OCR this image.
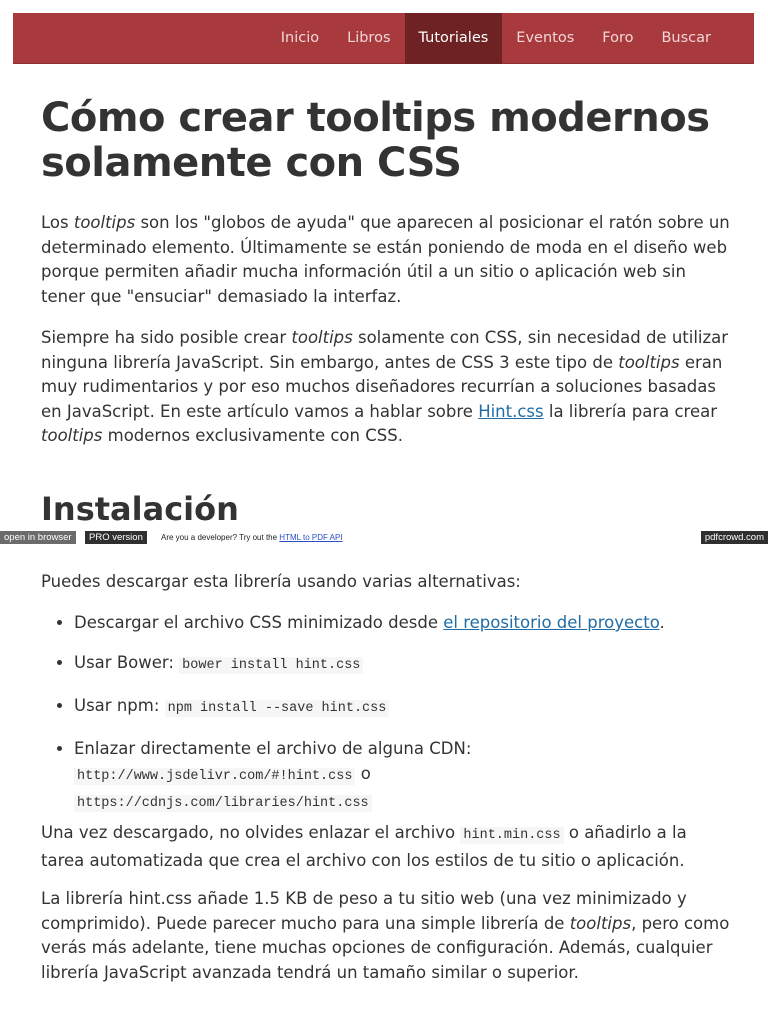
Inicio	Libros	Tutoriales	Eventos	Foro	Buscar
Cómo crear tooltips modernos solamente con CSS

Los tooltips son los "globos de ayuda" que aparecen al posicionar el ratón sobre un determinado elemento. Últimamente se están poniendo de moda en el diseño web porque permiten añadir mucha información útil a un sitio o aplicación web sin tener que "ensuciar" demasiado la interfaz.

Siempre ha sido posible crear tooltips solamente con CSS, sin necesidad de utilizar ninguna librería JavaScript. Sin embargo, antes de CSS 3 este tipo de tooltips eran muy rudimentarios y por eso muchos diseñadores recurrían a soluciones basadas en JavaScript. En este artículo vamos a hablar sobre Hint.css la librería para crear tooltips modernos exclusivamente con CSS.

Instalación

Puedes descargar esta librería usando varias alternativas:

• Descargar el archivo CSS minimizado desde el repositorio del proyecto.
• Usar Bower: bower install hint.css
• Usar npm: npm install --save hint.css
• Enlazar directamente el archivo de alguna CDN:
http://www.jsdelivr.com/#!hint.css o
https://cdnjs.com/libraries/hint.css

Una vez descargado, no olvides enlazar el archivo hint.min.css o añadirlo a la tarea automatizada que crea el archivo con los estilos de tu sitio o aplicación.

La librería hint.css añade 1.5 KB de peso a tu sitio web (una vez minimizado y comprimido). Puede parecer mucho para una simple librería de tooltips, pero como verás más adelante, tiene muchas opciones de configuración. Además, cualquier librería JavaScript avanzada tendrá un tamaño similar o superior.

open in browser	PRO version	Are you a developer? Try out the HTML to PDF API	pdfcrowd.com
